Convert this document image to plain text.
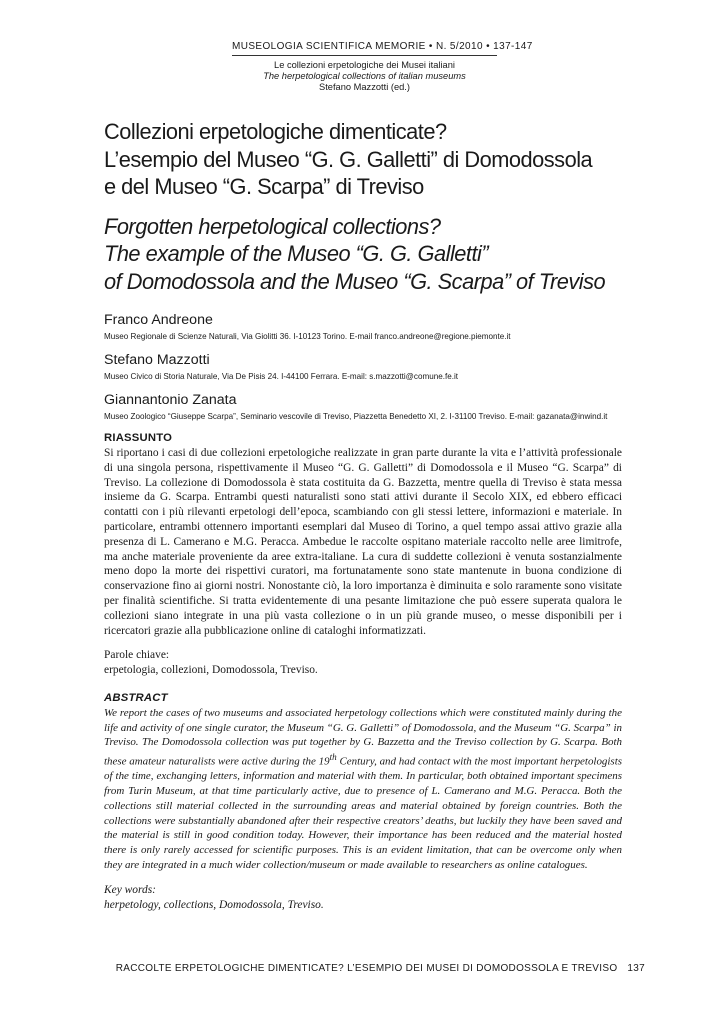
MUSEOLOGIA SCIENTIFICA MEMORIE • N. 5/2010 • 137-147
Le collezioni erpetologiche dei Musei italiani
The herpetological collections of italian museums
Stefano Mazzotti (ed.)
Collezioni erpetologiche dimenticate?
L’esempio del Museo “G. G. Galletti” di Domodossola
e del Museo “G. Scarpa” di Treviso
Forgotten herpetological collections?
The example of the Museo “G. G. Galletti”
of Domodossola and the Museo “G. Scarpa” of Treviso
Franco Andreone
Museo Regionale di Scienze Naturali, Via Giolitti 36. I-10123 Torino. E-mail franco.andreone@regione.piemonte.it
Stefano Mazzotti
Museo Civico di Storia Naturale, Via De Pisis 24. I-44100 Ferrara. E-mail: s.mazzotti@comune.fe.it
Giannantonio Zanata
Museo Zoologico “Giuseppe Scarpa”, Seminario vescovile di Treviso, Piazzetta Benedetto XI, 2. I-31100 Treviso. E-mail: gazanata@inwind.it
RIASSUNTO

Si riportano i casi di due collezioni erpetologiche realizzate in gran parte durante la vita e l’attività professionale di una singola persona, rispettivamente il Museo “G. G. Galletti” di Domodossola e il Museo “G. Scarpa” di Treviso. La collezione di Domodossola è stata costituita da G. Bazzetta, mentre quella di Treviso è stata messa insieme da G. Scarpa. Entrambi questi naturalisti sono stati attivi durante il Secolo XIX, ed ebbero efficaci contatti con i più rilevanti erpetologi dell’epoca, scambiando con gli stessi lettere, informazioni e materiale. In particolare, entrambi ottennero importanti esemplari dal Museo di Torino, a quel tempo assai attivo grazie alla presenza di L. Camerano e M.G. Peracca. Ambedue le raccolte ospitano materiale raccolto nelle aree limitrofe, ma anche materiale proveniente da aree extra-italiane. La cura di suddette collezioni è venuta sostanzialmente meno dopo la morte dei rispettivi curatori, ma fortunatamente sono state mantenute in buona condizione di conservazione fino ai giorni nostri. Nonostante ciò, la loro importanza è diminuita e solo raramente sono visitate per finalità scientifiche. Si tratta evidentemente di una pesante limitazione che può essere superata qualora le collezioni siano integrate in una più vasta collezione o in un più grande museo, o messe disponibili per i ricercatori grazie alla pubblicazione online di cataloghi informatizzati.

Parole chiave:
erpetologia, collezioni, Domodossola, Treviso.
ABSTRACT

We report the cases of two museums and associated herpetology collections which were constituted mainly during the life and activity of one single curator, the Museum “G. G. Galletti” of Domodossola, and the Museum “G. Scarpa” in Treviso. The Domodossola collection was put together by G. Bazzetta and the Treviso collection by G. Scarpa. Both these amateur naturalists were active during the 19th Century, and had contact with the most important herpetologists of the time, exchanging letters, information and material with them. In particular, both obtained important specimens from Turin Museum, at that time particularly active, due to presence of L. Camerano and M.G. Peracca. Both the collections still material collected in the surrounding areas and material obtained by foreign countries. Both the collections were substantially abandoned after their respective creators’ deaths, but luckily they have been saved and the material is still in good condition today. However, their importance has been reduced and the material hosted there is only rarely accessed for scientific purposes. This is an evident limitation, that can be overcome only when they are integrated in a much wider collection/museum or made available to researchers as online catalogues.

Key words:
herpetology, collections, Domodossola, Treviso.
RACCOLTE ERPETOLOGICHE DIMENTICATE? L’ESEMPIO DEI MUSEI DI DOMODOSSOLA E TREVISO 137
